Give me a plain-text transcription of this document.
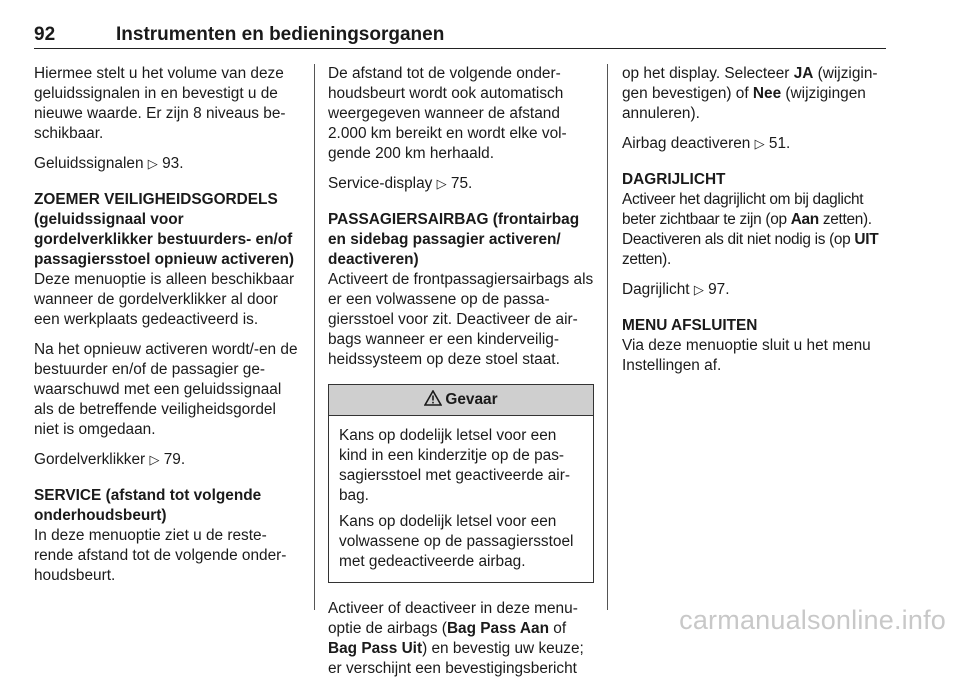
92	Instrumenten en bedieningsorganen

Hiermee stelt u het volume van deze geluidssignalen in en bevestigt u de nieuwe waarde. Er zijn 8 niveaus beschikbaar.

Geluidssignalen ▷ 93.

ZOEMER VEILIGHEIDSGORDELS (geluidssignaal voor gordelverklikker bestuurders- en/of passagiersstoel opnieuw activeren)

Deze menuoptie is alleen beschikbaar wanneer de gordelverklikker al door een werkplaats gedeactiveerd is.

Na het opnieuw activeren wordt/-en de bestuurder en/of de passagier gewaarschuwd met een geluidssignaal als de betreffende veiligheidsgordel niet is omgedaan.

Gordelverklikker ▷ 79.

SERVICE (afstand tot volgende onderhoudsbeurt)

In deze menuoptie ziet u de resterende afstand tot de volgende onderhoudsbeurt.

De afstand tot de volgende onderhoudsbeurt wordt ook automatisch weergegeven wanneer de afstand 2.000 km bereikt en wordt elke volgende 200 km herhaald.

Service-display ▷ 75.

PASSAGIERSAIRBAG (frontairbag en sidebag passagier activeren/ deactiveren)

Activeert de frontpassagiersairbags als er een volwassene op de passagiersstoel voor zit. Deactiveer de airbags wanneer er een kinderveiligheidssysteem op deze stoel staat.

Gevaar

Kans op dodelijk letsel voor een kind in een kinderzitje op de passagiersstoel met geactiveerde airbag.

Kans op dodelijk letsel voor een volwassene op de passagiersstoel met gedeactiveerde airbag.

Activeer of deactiveer in deze menuoptie de airbags (Bag Pass Aan of Bag Pass Uit) en bevestig uw keuze; er verschijnt een bevestigingsbericht

op het display. Selecteer JA (wijzigingen bevestigen) of Nee (wijzigingen annuleren).

Airbag deactiveren ▷ 51.

DAGRIJLICHT

Activeer het dagrijlicht om bij daglicht beter zichtbaar te zijn (op Aan zetten). Deactiveren als dit niet nodig is (op UIT zetten).

Dagrijlicht ▷ 97.

MENU AFSLUITEN

Via deze menuoptie sluit u het menu Instellingen af.

carmanualsonline.info
